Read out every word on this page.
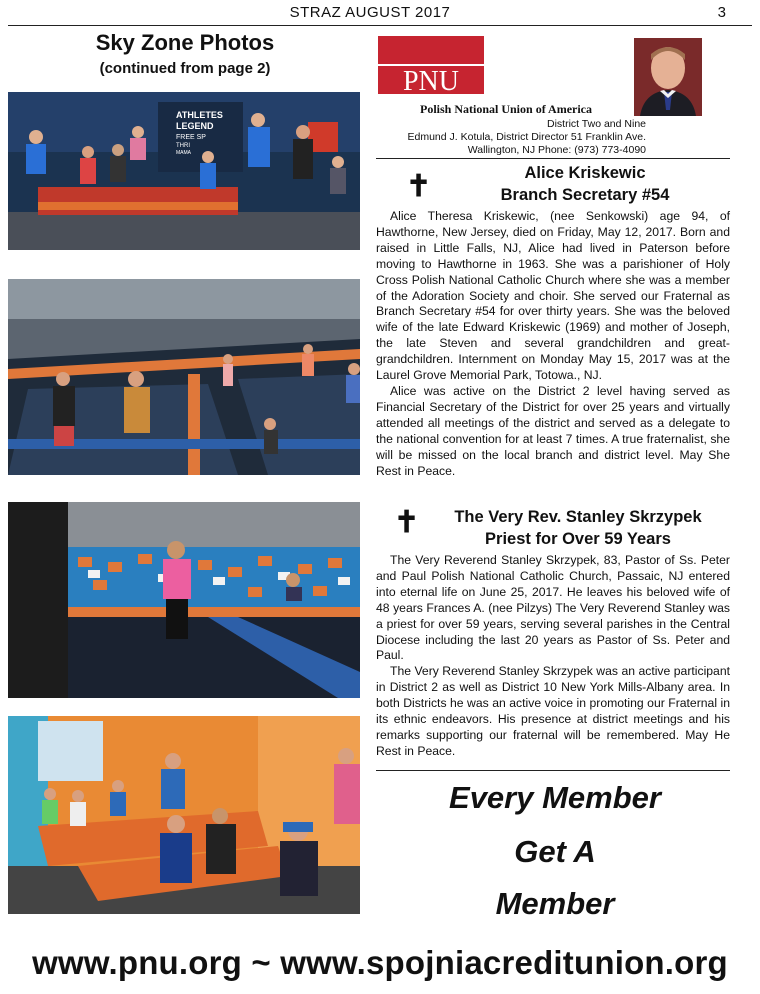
STRAZ AUGUST 2017	3
Sky Zone Photos
(continued from page 2)
ATHLETES
LEGEND
FREE SP
THRI
MAMA
PNU
Polish National Union of America
District Two and Nine
Edmund J. Kotula, District Director 51 Franklin Ave.
Wallington, NJ Phone: (973) 773-4090
✝	Alice Kriskewic
Branch Secretary #54

Alice Theresa Kriskewic, (nee Senkowski) age 94, of Hawthorne, New Jersey, died on Friday, May 12, 2017. Born and raised in Little Falls, NJ, Alice had lived in Paterson before moving to Hawthorne in 1963. She was a parishioner of Holy Cross Polish National Catholic Church where she was a member of the Adoration Society and choir. She served our Fraternal as Branch Secretary #54 for over thirty years. She was the beloved wife of the late Edward Kriskewic (1969) and mother of Joseph, the late Steven and several grandchildren and great-grandchildren. Internment on Monday May 15, 2017 was at the Laurel Grove Memorial Park, Totowa., NJ.

Alice was active on the District 2 level having served as Financial Secretary of the District for over 25 years and virtually attended all meetings of the district and served as a delegate to the national convention for at least 7 times. A true fraternalist, she will be missed on the local branch and district level. May She Rest in Peace.

✝	The Very Rev. Stanley Skrzypek
Priest for Over 59 Years

The Very Reverend Stanley Skrzypek, 83, Pastor of Ss. Peter and Paul Polish National Catholic Church, Passaic, NJ entered into eternal life on June 25, 2017. He leaves his beloved wife of 48 years Frances A. (nee Pilzys) The Very Reverend Stanley was a priest for over 59 years, serving several parishes in the Central Diocese including the last 20 years as Pastor of Ss. Peter and Paul.

The Very Reverend Stanley Skrzypek was an active participant in District 2 as well as District 10 New York Mills-Albany area. In both Districts he was an active voice in promoting our Fraternal in its ethnic endeavors. His presence at district meetings and his remarks supporting our fraternal will be remembered. May He Rest in Peace.

Every Member
Get A
Member
www.pnu.org ~ www.spojniacreditunion.org
